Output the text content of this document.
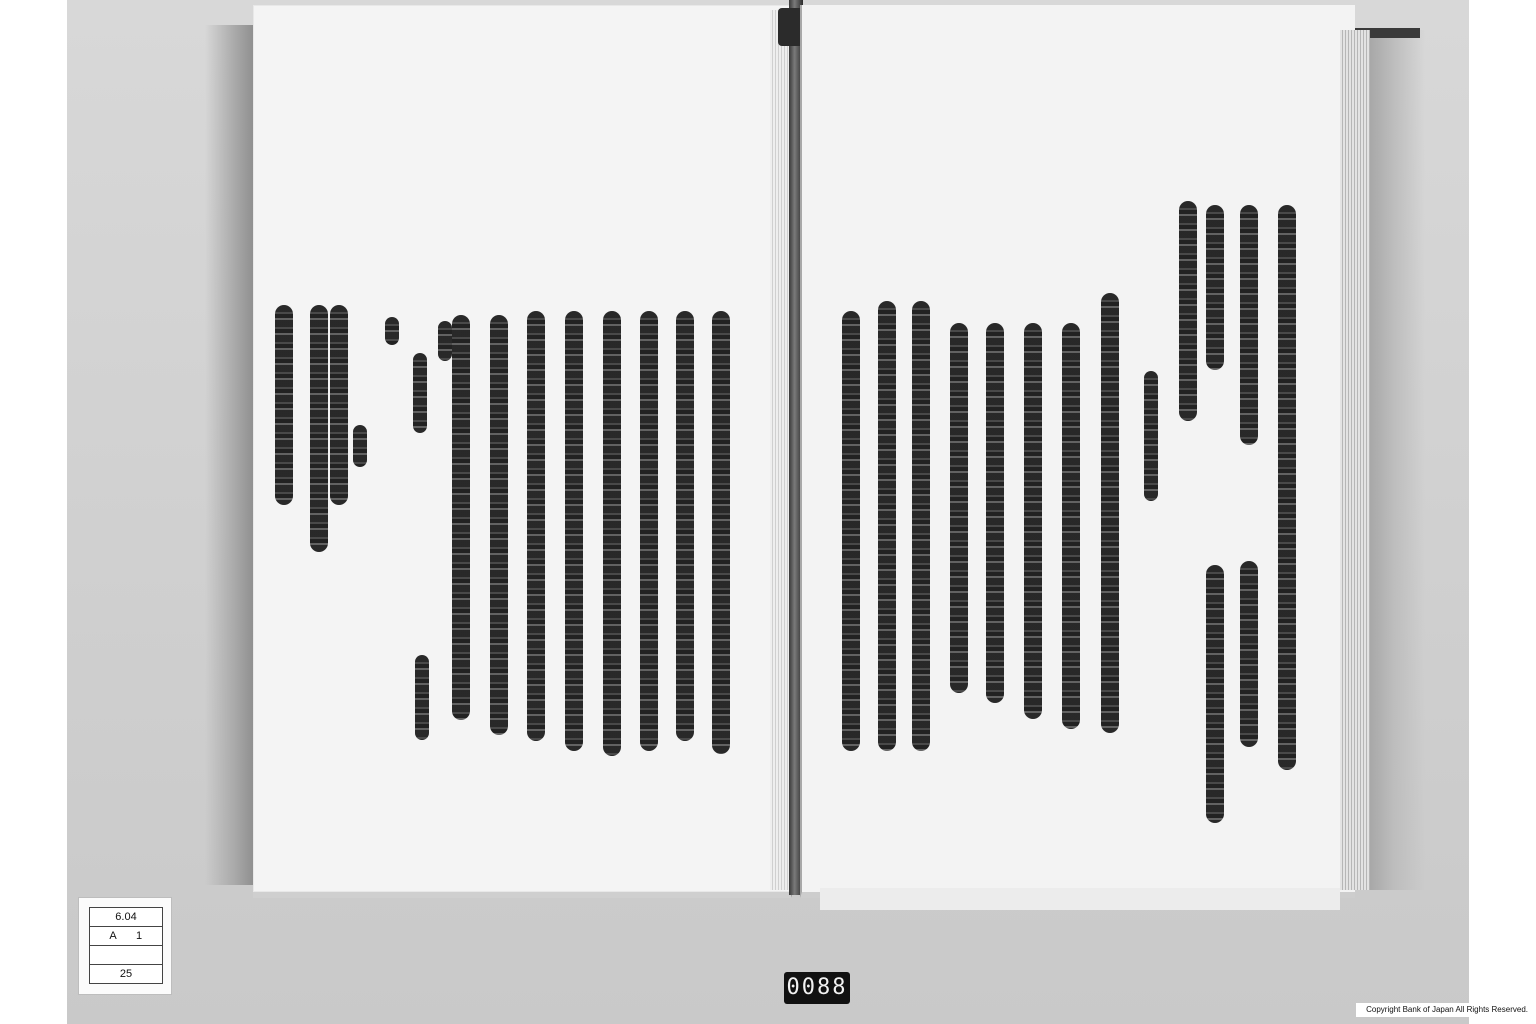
6.04
A 1
25
0088
Copyright Bank of Japan All Rights Reserved.
